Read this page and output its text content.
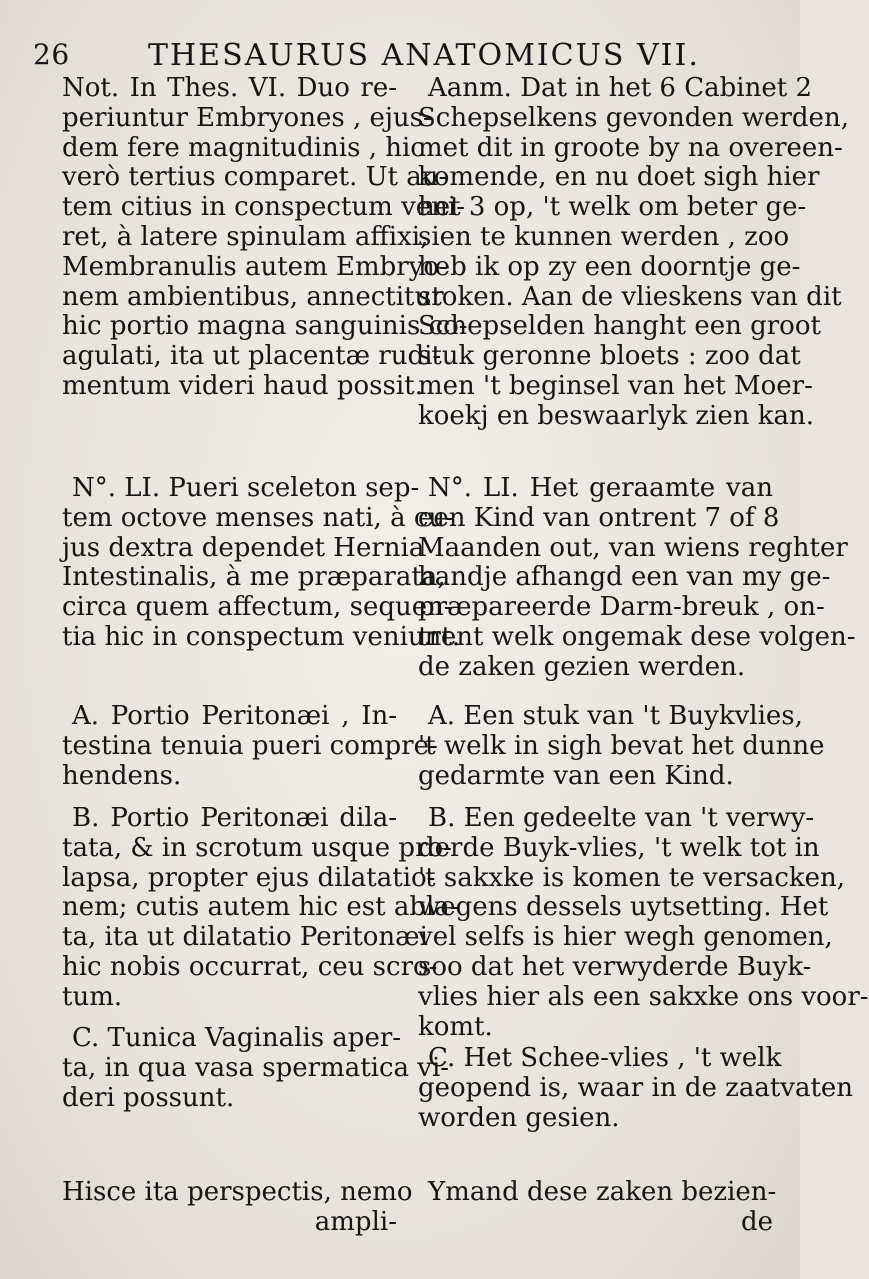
26	THESAURUS ANATOMICUS VII.
Not. In Thes. VI. Duo re-
periuntur Embryones , ejus-
dem fere magnitudinis , hic
verò tertius comparet. Ut au-
tem citius in conspectum veni-
ret, à latere spinulam affixi,
Membranulis autem Embryo-
nem ambientibus, annectitur
hic portio magna sanguinis co-
agulati, ita ut placentæ rudi-
mentum videri haud possit.
N°. LI. Pueri sceleton sep-
tem octove menses nati, à cu-
jus dextra dependet Hernia
Intestinalis, à me præparata,
circa quem affectum, sequen-
tia hic in conspectum veniunt.
A. Portio Peritonæi , In-
testina tenuia pueri compre-
hendens.
B. Portio Peritonæi dila-
tata, & in scrotum usque pro-
lapsa, propter ejus dilatatio-
nem; cutis autem hic est abla-
ta, ita ut dilatatio Peritonæi
hic nobis occurrat, ceu scro-
tum.
C. Tunica Vaginalis aper-
ta, in qua vasa spermatica vi-
deri possunt.
Hisce ita perspectis, nemo
ampli-
Aanm. Dat in het 6 Cabinet 2
Schepselkens gevonden werden,
met dit in groote by na overeen-
komende, en nu doet sigh hier
het 3 op, 't welk om beter ge-
sien te kunnen werden , zoo
heb ik op zy een doorntje ge-
stoken. Aan de vlieskens van dit
Schepselden hanght een groot
stuk geronne bloets : zoo dat
men 't beginsel van het Moer-
koekj en beswaarlyk zien kan.
N°. LI. Het geraamte van
een Kind van ontrent 7 of 8
Maanden out, van wiens reghter
handje afhangd een van my ge-
præpareerde Darm-breuk , on-
trent welk ongemak dese volgen-
de zaken gezien werden.
A. Een stuk van 't Buykvlies,
't welk in sigh bevat het dunne
gedarmte van een Kind.
B. Een gedeelte van 't verwy-
derde Buyk-vlies, 't welk tot in
't sakxke is komen te versacken,
wegens dessels uytsetting. Het
vel selfs is hier wegh genomen,
soo dat het verwyderde Buyk-
vlies hier als een sakxke ons voor-
komt.
C. Het Schee-vlies , 't welk
geopend is, waar in de zaatvaten
worden gesien.
Ymand dese zaken bezien-
de
